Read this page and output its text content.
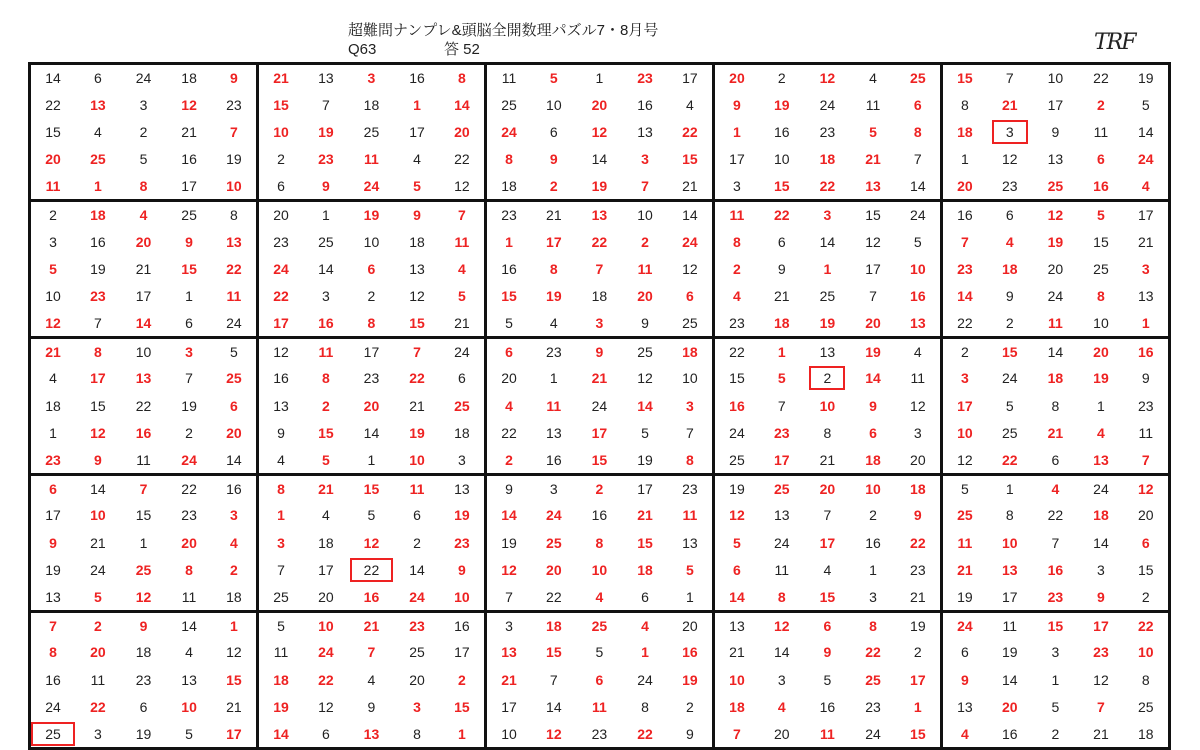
超難問ナンプレ&頭脳全開数理パズル7・8月号
Q63	答 52	TRF
14	6	24	18	9	21	13	3	16	8	11	5	1	23	17	20	2	12	4	25	15	7	10	22	19
22	13	3	12	23	15	7	18	1	14	25	10	20	16	4	9	19	24	11	6	8	21	17	2	5
15	4	2	21	7	10	19	25	17	20	24	6	12	13	22	1	16	23	5	8	18	3	9	11	14
20	25	5	16	19	2	23	11	4	22	8	9	14	3	15	17	10	18	21	7	1	12	13	6	24
11	1	8	17	10	6	9	24	5	12	18	2	19	7	21	3	15	22	13	14	20	23	25	16	4
2	18	4	25	8	20	1	19	9	7	23	21	13	10	14	11	22	3	15	24	16	6	12	5	17
3	16	20	9	13	23	25	10	18	11	1	17	22	2	24	8	6	14	12	5	7	4	19	15	21
5	19	21	15	22	24	14	6	13	4	16	8	7	11	12	2	9	1	17	10	23	18	20	25	3
10	23	17	1	11	22	3	2	12	5	15	19	18	20	6	4	21	25	7	16	14	9	24	8	13
12	7	14	6	24	17	16	8	15	21	5	4	3	9	25	23	18	19	20	13	22	2	11	10	1
21	8	10	3	5	12	11	17	7	24	6	23	9	25	18	22	1	13	19	4	2	15	14	20	16
4	17	13	7	25	16	8	23	22	6	20	1	21	12	10	15	5	2	14	11	3	24	18	19	9
18	15	22	19	6	13	2	20	21	25	4	11	24	14	3	16	7	10	9	12	17	5	8	1	23
1	12	16	2	20	9	15	14	19	18	22	13	17	5	7	24	23	8	6	3	10	25	21	4	11
23	9	11	24	14	4	5	1	10	3	2	16	15	19	8	25	17	21	18	20	12	22	6	13	7
6	14	7	22	16	8	21	15	11	13	9	3	2	17	23	19	25	20	10	18	5	1	4	24	12
17	10	15	23	3	1	4	5	6	19	14	24	16	21	11	12	13	7	2	9	25	8	22	18	20
9	21	1	20	4	3	18	12	2	23	19	25	8	15	13	5	24	17	16	22	11	10	7	14	6
19	24	25	8	2	7	17	22	14	9	12	20	10	18	5	6	11	4	1	23	21	13	16	3	15
13	5	12	11	18	25	20	16	24	10	7	22	4	6	1	14	8	15	3	21	19	17	23	9	2
7	2	9	14	1	5	10	21	23	16	3	18	25	4	20	13	12	6	8	19	24	11	15	17	22
8	20	18	4	12	11	24	7	25	17	13	15	5	1	16	21	14	9	22	2	6	19	3	23	10
16	11	23	13	15	18	22	4	20	2	21	7	6	24	19	10	3	5	25	17	9	14	1	12	8
24	22	6	10	21	19	12	9	3	15	17	14	11	8	2	18	4	16	23	1	13	20	5	7	25
25	3	19	5	17	14	6	13	8	1	10	12	23	22	9	7	20	11	24	15	4	16	2	21	18
